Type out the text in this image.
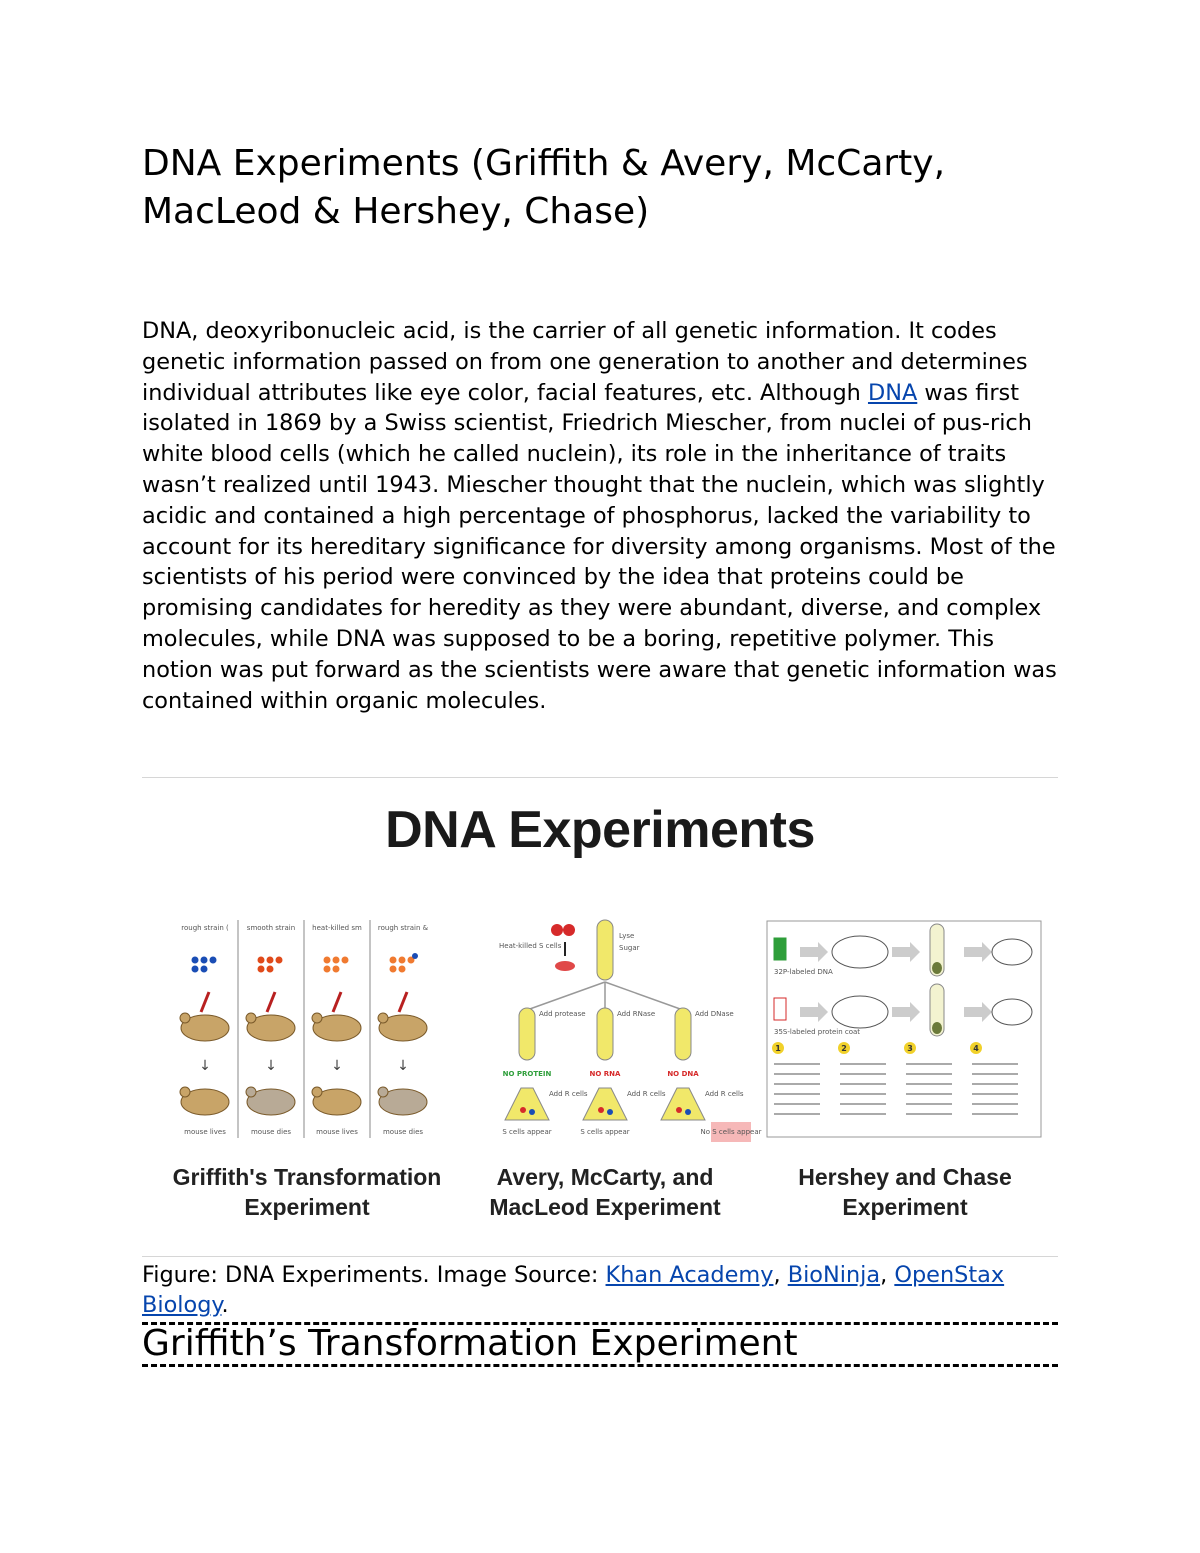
DNA Experiments (Griffith & Avery, McCarty, MacLeod & Hershey, Chase)

DNA, deoxyribonucleic acid, is the carrier of all genetic information. It codes genetic information passed on from one generation to another and determines individual attributes like eye color, facial features, etc. Although DNA was first isolated in 1869 by a Swiss scientist, Friedrich Miescher, from nuclei of pus-rich white blood cells (which he called nuclein), its role in the inheritance of traits wasn’t realized until 1943. Miescher thought that the nuclein, which was slightly acidic and contained a high percentage of phosphorus, lacked the variability to account for its hereditary significance for diversity among organisms. Most of the scientists of his period were convinced by the idea that proteins could be promising candidates for heredity as they were abundant, diverse, and complex molecules, while DNA was supposed to be a boring, repetitive polymer. This notion was put forward as the scientists were aware that genetic information was contained within organic molecules.

DNA Experiments
rough strain (	smooth strain heat-killed sm rough strain &
↓	↓	↓	↓
mouse lives	mouse dies	mouse lives	mouse dies
Heat-killed S cells
Lyse
Sugar
Add protease
NO PROTEIN
Add R cells
S cells appear
Add RNase
NO RNA
Add R cells
S cells appear
Add DNase
NO DNA
Add R cells
No S cells appear
32P-labeled DNA
35S-labeled protein coat
1	2	3	4
Griffith's Transformation
Experiment
Avery, McCarty, and
MacLeod Experiment
Hershey and Chase
Experiment

Figure: DNA Experiments. Image Source: Khan Academy, BioNinja, OpenStax Biology.

Griffith’s Transformation Experiment
